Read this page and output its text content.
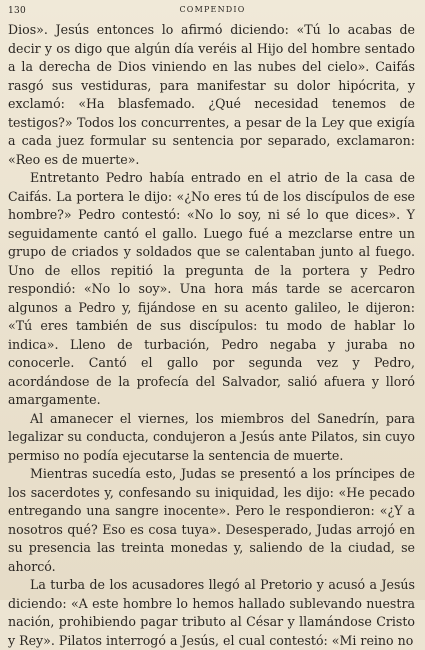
130	COMPENDIO

Dios». Jesús entonces lo afirmó diciendo: «Tú lo acabas de decir y os digo que algún día veréis al Hijo del hombre sentado a la derecha de Dios viniendo en las nubes del cielo». Caifás rasgó sus vestiduras, para manifestar su dolor hipócrita, y exclamó: «Ha blasfemado. ¿Qué necesidad tenemos de testigos?» Todos los concurrentes, a pesar de la Ley que exigía a cada juez formular su sentencia por separado, exclamaron: «Reo es de muerte».

Entretanto Pedro había entrado en el atrio de la casa de Caifás. La portera le dijo: «¿No eres tú de los discípulos de ese hombre?» Pedro contestó: «No lo soy, ni sé lo que dices». Y seguidamente cantó el gallo. Luego fué a mezclarse entre un grupo de criados y soldados que se calentaban junto al fuego. Uno de ellos repitió la pregunta de la portera y Pedro respondió: «No lo soy». Una hora más tarde se acercaron algunos a Pedro y, fijándose en su acento galileo, le dijeron: «Tú eres también de sus discípulos: tu modo de hablar lo indica». Lleno de turbación, Pedro negaba y juraba no conocerle. Cantó el gallo por segunda vez y Pedro, acordándose de la profecía del Salvador, salió afuera y lloró amargamente.

Al amanecer el viernes, los miembros del Sanedrín, para legalizar su conducta, condujeron a Jesús ante Pilatos, sin cuyo permiso no podía ejecutarse la sentencia de muerte.

Mientras sucedía esto, Judas se presentó a los príncipes de los sacerdotes y, confesando su iniquidad, les dijo: «He pecado entregando una sangre inocente». Pero le respondieron: «¿Y a nosotros qué? Eso es cosa tuya». Desesperado, Judas arrojó en su presencia las treinta monedas y, saliendo de la ciudad, se ahorcó.

La turba de los acusadores llegó al Pretorio y acusó a Jesús diciendo: «A este hombre lo hemos hallado sublevando nuestra nación, prohibiendo pagar tributo al César y llamándose Cristo y Rey». Pilatos interrogó a Jesús, el cual contestó: «Mi reino no
